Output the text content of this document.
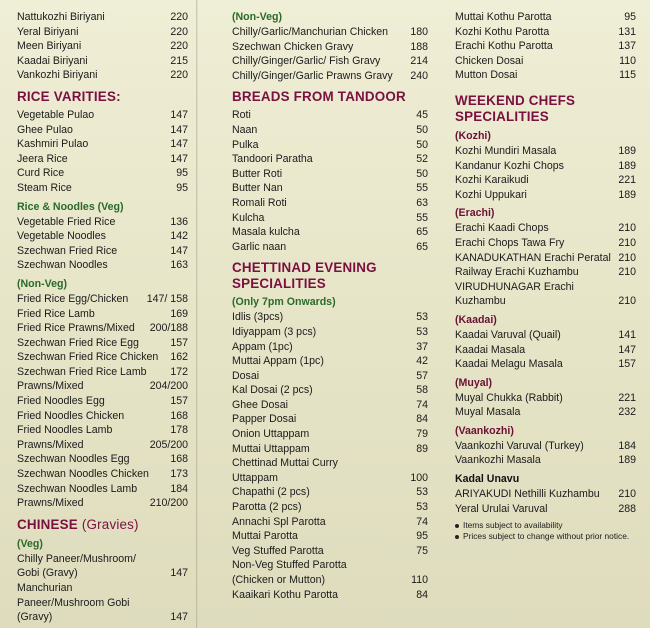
Nattukozhi Biriyani	220
Yeral Biriyani	220
Meen Biriyani	220
Kaadai Biriyani	215
Vankozhi Biriyani	220
RICE VARITIES:
Vegetable Pulao	147
Ghee Pulao	147
Kashmiri Pulao	147
Jeera Rice	147
Curd Rice	95
Steam Rice	95
Rice & Noodles (Veg)
Vegetable Fried Rice	136
Vegetable Noodles	142
Szechwan Fried Rice	147
Szechwan Noodles	163
(Non-Veg)
Fried Rice Egg/Chicken 147/ 158
Fried Rice Lamb	169
Fried Rice Prawns/Mixed 200/188
Szechwan Fried Rice Egg	157
Szechwan Fried Rice Chicken 162
Szechwan Fried Rice Lamb 172
Prawns/Mixed	204/200
Fried Noodles Egg	157
Fried Noodles Chicken	168
Fried Noodles Lamb	178
Prawns/Mixed	205/200
Szechwan Noodles Egg	168
Szechwan Noodles Chicken 173
Szechwan Noodles Lamb	184
Prawns/Mixed	210/200
CHINESE (Gravies)
(Veg)
Chilly Paneer/Mushroom/ Gobi (Gravy)	147
Manchurian Paneer/Mushroom Gobi (Gravy)	147
(Non-Veg)
Chilly/Garlic/Manchurian Chicken 180
Szechwan Chicken Gravy	188
Chilly/Ginger/Garlic/ Fish Gravy	214
Chilly/Ginger/Garlic Prawns Gravy 240
BREADS FROM TANDOOR
Roti	45
Naan	50
Pulka	50
Tandoori Paratha	52
Butter Roti	50
Butter Nan	55
Romali Roti	63
Kulcha	55
Masala kulcha	65
Garlic naan	65
CHETTINAD EVENING
SPECIALITIES
(Only 7pm Onwards)
Idlis (3pcs)	53
Idiyappam (3 pcs)	53
Appam (1pc)	37
Muttai Appam (1pc)	42
Dosai	57
Kal Dosai (2 pcs)	58
Ghee Dosai	74
Papper Dosai	84
Onion Uttappam	79
Muttai Uttappam	89
Chettinad Muttai Curry
Uttappam	100
Chapathi (2 pcs)	53
Parotta (2 pcs)	53
Annachi Spl Parotta	74
Muttai Parotta	95
Veg Stuffed Parotta	75
Non-Veg Stuffed Parotta
(Chicken or Mutton)	110
Kaaikari Kothu Parotta	84
Muttai Kothu Parotta	95
Kozhi Kothu Parotta	131
Erachi Kothu Parotta	137
Chicken Dosai	110
Mutton Dosai	115
WEEKEND CHEFS
SPECIALITIES
(Kozhi)
Kozhi Mundiri Masala	189
Kandanur Kozhi Chops	189
Kozhi Karaikudi	221
Kozhi Uppukari	189
(Erachi)
Erachi Kaadi Chops	210
Erachi Chops Tawa Fry	210
KANADUKATHAN Erachi Peratal 210
Railway Erachi Kuzhambu	210
VIRUDHUNAGAR Erachi
Kuzhambu	210
(Kaadai)
Kaadai Varuval (Quail)	141
Kaadai Masala	147
Kaadai Melagu Masala	157
(Muyal)
Muyal Chukka (Rabbit)	221
Muyal Masala	232
(Vaankozhi)
Vaankozhi Varuval (Turkey)	184
Vaankozhi Masala	189
Kadal Unavu
ARIYAKUDI Nethilli Kuzhambu 210
Yeral Urulai Varuval	288
Items subject to availability
Prices subject to change without prior notice.
